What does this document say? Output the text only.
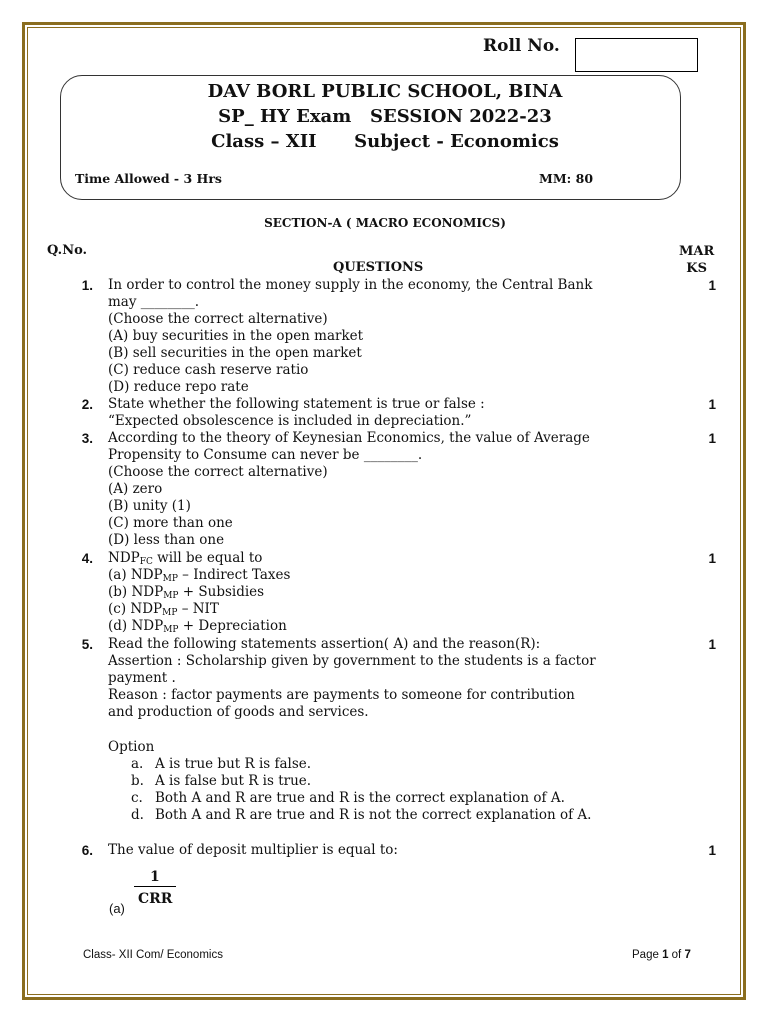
Roll No.
DAV BORL PUBLIC SCHOOL, BINA
SP_ HY Exam   SESSION 2022-23
Class – XII      Subject - Economics
Time Allowed - 3 Hrs	MM: 80
SECTION-A ( MACRO ECONOMICS)
Q.No.
QUESTIONS
MAR
KS
1.	1
In order to control the money supply in the economy, the Central Bank
may ________.
(Choose the correct alternative)
(A) buy securities in the open market
(B) sell securities in the open market
(C) reduce cash reserve ratio
(D) reduce repo rate
2.	1
State whether the following statement is true or false :
“Expected obsolescence is included in depreciation.”
3.	1
According to the theory of Keynesian Economics, the value of Average
Propensity to Consume can never be ________.
(Choose the correct alternative)
(A) zero
(B) unity (1)
(C) more than one
(D) less than one
4.	1
$NDP_{FC}$ will be equal to
(a) $NDP_{MP}$ – Indirect Taxes
(b) $NDP_{MP}$ + Subsidies
(c) $NDP_{MP}$ – NIT
(d) $NDP_{MP}$ + Depreciation
5.	1
Read the following statements assertion( A) and the reason(R):
Assertion : Scholarship given by government to the students is a factor
payment .
Reason : factor payments are payments to someone for contribution
and production of goods and services.
Option
a. A is true but R is false.
b. A is false but R is true.
c. Both A and R are true and R is the correct explanation of A.
d. Both A and R are true and R is not the correct explanation of A.
6.	1
The value of deposit multiplier is equal to:
1
CRR
(a)
Class- XII Com/ Economics	Page 1 of 7
